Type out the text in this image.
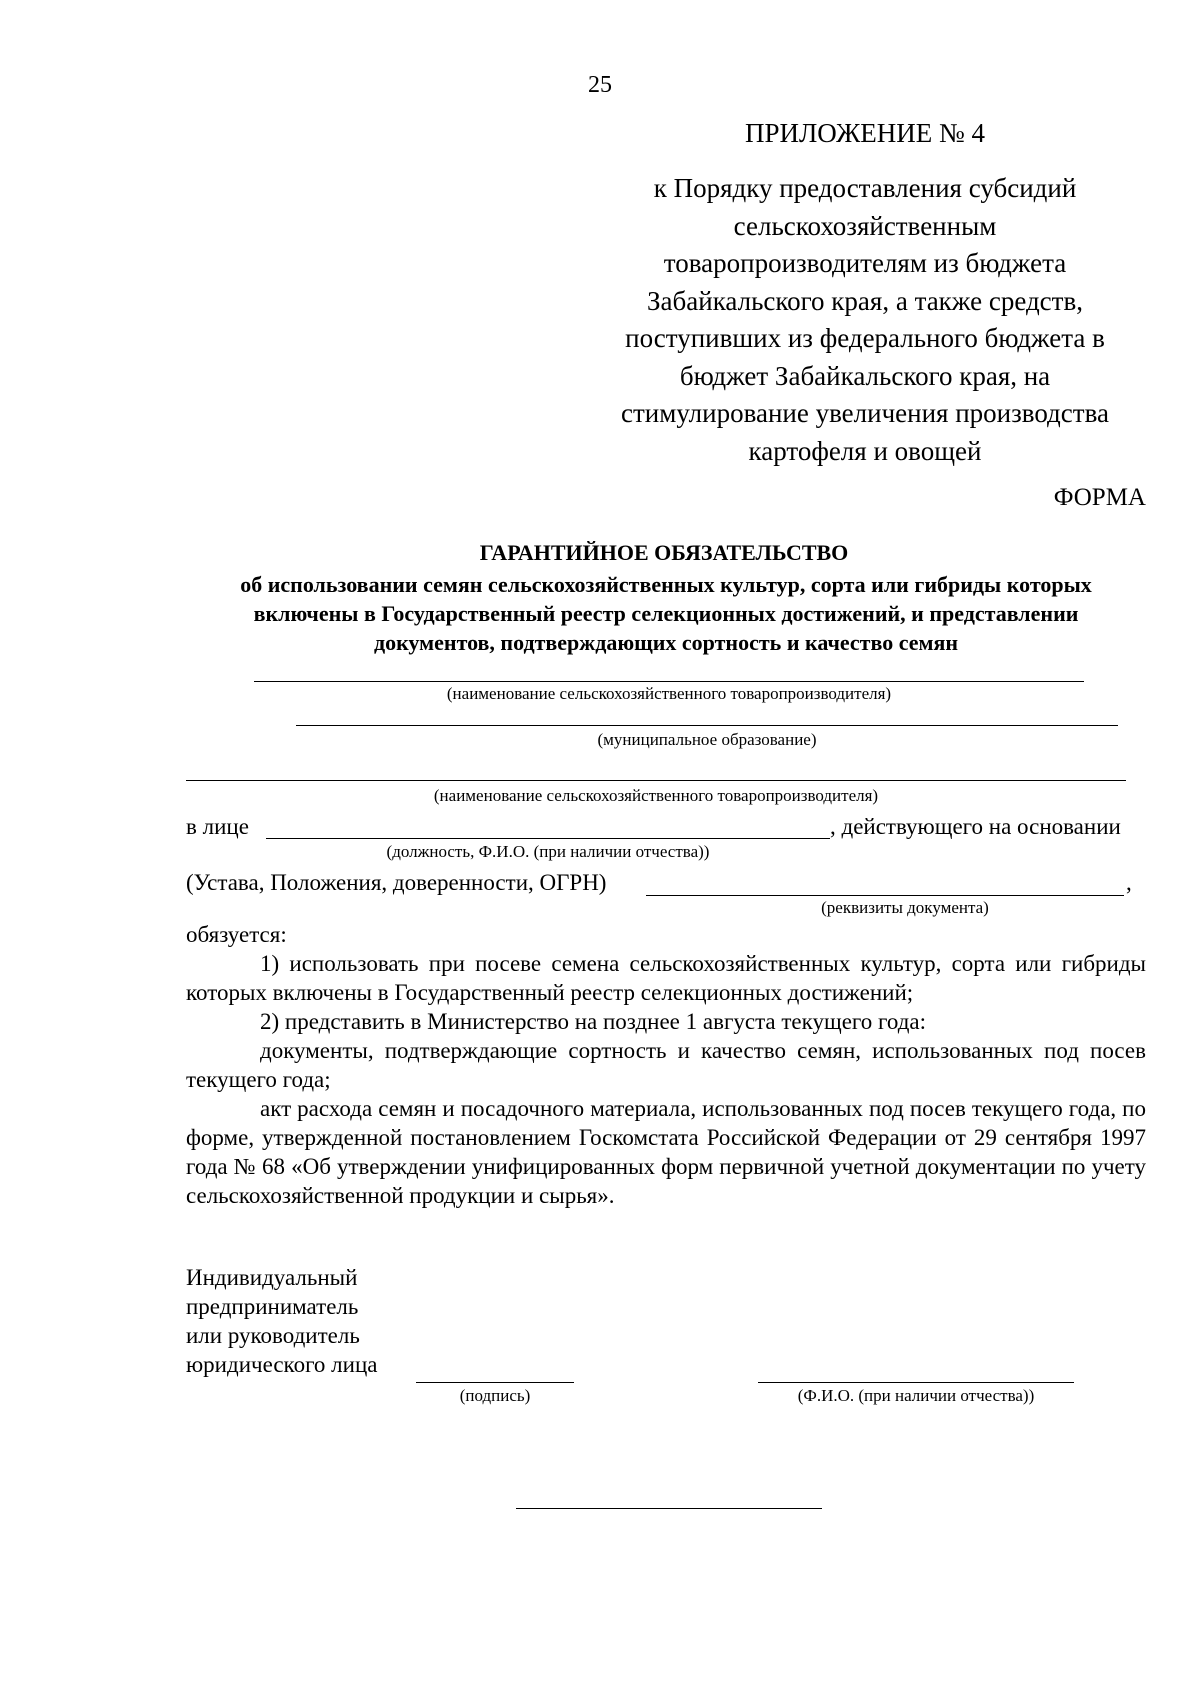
25
ПРИЛОЖЕНИЕ № 4
к Порядку предоставления субсидий
сельскохозяйственным
товаропроизводителям из бюджета
Забайкальского края, а также средств,
поступивших из федерального бюджета в
бюджет Забайкальского края, на
стимулирование увеличения производства
картофеля и овощей
ФОРМА
ГАРАНТИЙНОЕ ОБЯЗАТЕЛЬСТВО
об использовании семян сельскохозяйственных культур, сорта или гибриды которых
включены в Государственный реестр селекционных достижений, и представлении
документов, подтверждающих сортность и качество семян
(наименование сельскохозяйственного товаропроизводителя)
(муниципальное образование)
(наименование сельскохозяйственного товаропроизводителя)
в лице	, действующего на основании
(должность, Ф.И.О. (при наличии отчества))
(Устава, Положения, доверенности, ОГРН)	,
(реквизиты документа)
обязуется:
1) использовать при посеве семена сельскохозяйственных культур, сорта или гибриды которых включены в Государственный реестр селекционных достижений;
2) представить в Министерство на позднее 1 августа текущего года:
документы, подтверждающие сортность и качество семян, использованных под посев текущего года;
акт расхода семян и посадочного материала, использованных под посев текущего года, по форме, утвержденной постановлением Госкомстата Российской Федерации от 29 сентября 1997 года № 68 «Об утверждении унифицированных форм первичной учетной документации по учету сельскохозяйственной продукции и сырья».
Индивидуальный
предприниматель
или руководитель
юридического лица
(подпись)	(Ф.И.О. (при наличии отчества))
